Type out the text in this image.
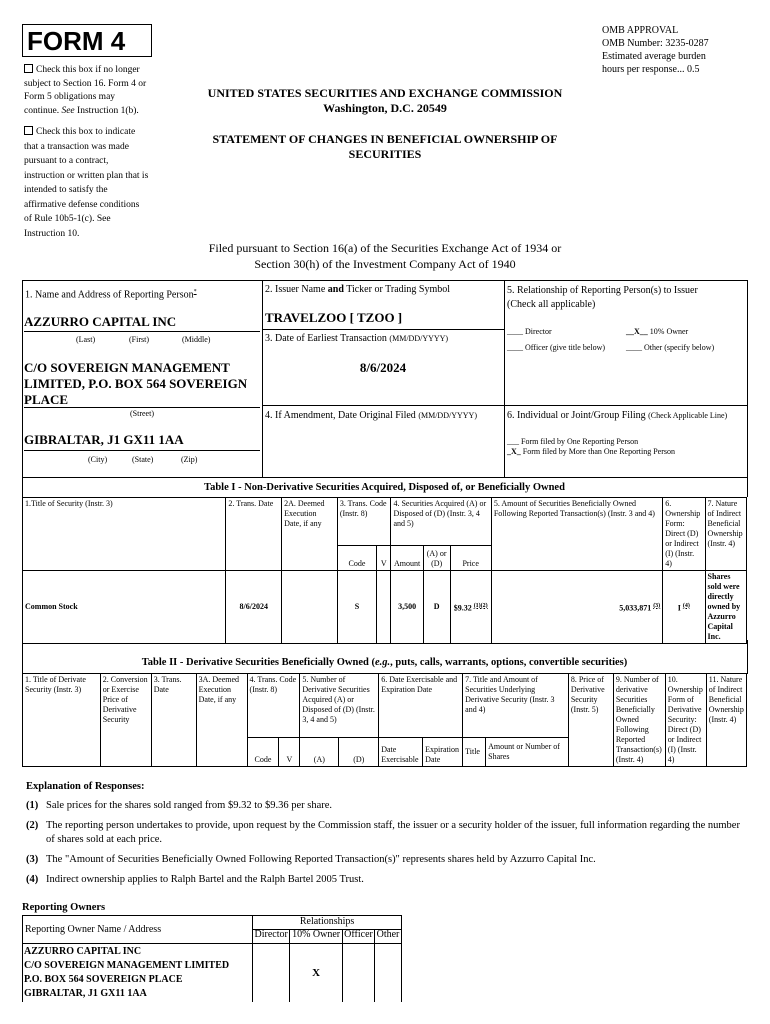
FORM 4	OMB APPROVAL
OMB Number: 3235-0287
Estimated average burden
hours per response... 0.5
Check this box if no longer
subject to Section 16. Form 4 or
Form 5 obligations may
continue. See Instruction 1(b).
Check this box to indicate
that a transaction was made
pursuant to a contract,
instruction or written plan that is
intended to satisfy the
affirmative defense conditions
of Rule 10b5-1(c). See
Instruction 10.
UNITED STATES SECURITIES AND EXCHANGE COMMISSION
Washington, D.C. 20549
STATEMENT OF CHANGES IN BENEFICIAL OWNERSHIP OF
SECURITIES
Filed pursuant to Section 16(a) of the Securities Exchange Act of 1934 or
Section 30(h) of the Investment Company Act of 1940
1. Name and Address of Reporting Person*
AZZURRO CAPITAL INC
(Last)	(First)	(Middle)
C/O SOVEREIGN MANAGEMENT
LIMITED, P.O. BOX 564 SOVEREIGN
PLACE
(Street)
GIBRALTAR, J1 GX11 1AA
(City)	(State)	(Zip)
2. Issuer Name and Ticker or Trading Symbol
TRAVELZOO [ TZOO ]
3. Date of Earliest Transaction (MM/DD/YYYY)
8/6/2024
4. If Amendment, Date Original Filed (MM/DD/YYYY)
5. Relationship of Reporting Person(s) to Issuer
(Check all applicable)
____ Director	__X__ 10% Owner
____ Officer (give title below)	____ Other (specify below)
6. Individual or Joint/Group Filing (Check Applicable Line)
___ Form filed by One Reporting Person
_X_ Form filed by More than One Reporting Person
Table I - Non-Derivative Securities Acquired, Disposed of, or Beneficially Owned
1.Title of Security (Instr. 3)	2. Trans. Date	2A. Deemed Execution Date, if any	3. Trans. Code (Instr. 8)		4. Securities Acquired (A) or Disposed of (D) (Instr. 3, 4 and 5)			5. Amount of Securities Beneficially Owned Following Reported Transaction(s) (Instr. 3 and 4)	6. Ownership Form: Direct (D) or Indirect (I) (Instr. 4)	7. Nature of Indirect Beneficial Ownership (Instr. 4)
			Code	V	Amount	(A) or (D)	Price			
Common Stock	8/6/2024		S		3,500	D	$9.32 $^{(1)(2)}$	5,033,871 $^{(3)}$	I $^{(4)}$	Shares sold were directly owned by Azzurro Capital Inc.
Table II - Derivative Securities Beneficially Owned (e.g., puts, calls, warrants, options, convertible securities)
1. Title of Derivate Security (Instr. 3)	2. Conversion or Exercise Price of Derivative Security	3. Trans. Date	3A. Deemed Execution Date, if any	4. Trans. Code (Instr. 8)		5. Number of Derivative Securities Acquired (A) or Disposed of (D) (Instr. 3, 4 and 5)		6. Date Exercisable and Expiration Date		7. Title and Amount of Securities Underlying Derivative Security (Instr. 3 and 4)		8. Price of Derivative Security (Instr. 5)	9. Number of derivative Securities Beneficially Owned Following Reported Transaction(s) (Instr. 4)	10. Ownership Form of Derivative Security: Direct (D) or Indirect (I) (Instr. 4)	11. Nature of Indirect Beneficial Ownership (Instr. 4)
				Code	V	(A)	(D)	Date Exercisable	Expiration Date	Title	Amount or Number of Shares				
Explanation of Responses:
(1) Sale prices for the shares sold ranged from $9.32 to $9.36 per share.
(2) The reporting person undertakes to provide, upon request by the Commission staff, the issuer or a security holder of the issuer, full information regarding the number of shares sold at each price.
(3) The "Amount of Securities Beneficially Owned Following Reported Transaction(s)" represents shares held by Azzurro Capital Inc.
(4) Indirect ownership applies to Ralph Bartel and the Ralph Bartel 2005 Trust.
Reporting Owners
Reporting Owner Name / Address	Relationships			
	Director	10% Owner	Officer	Other

AZZURRO CAPITAL INC
C/O SOVEREIGN MANAGEMENT LIMITED
P.O. BOX 564 SOVEREIGN PLACE
GIBRALTAR, J1 GX11 1AA		X		
